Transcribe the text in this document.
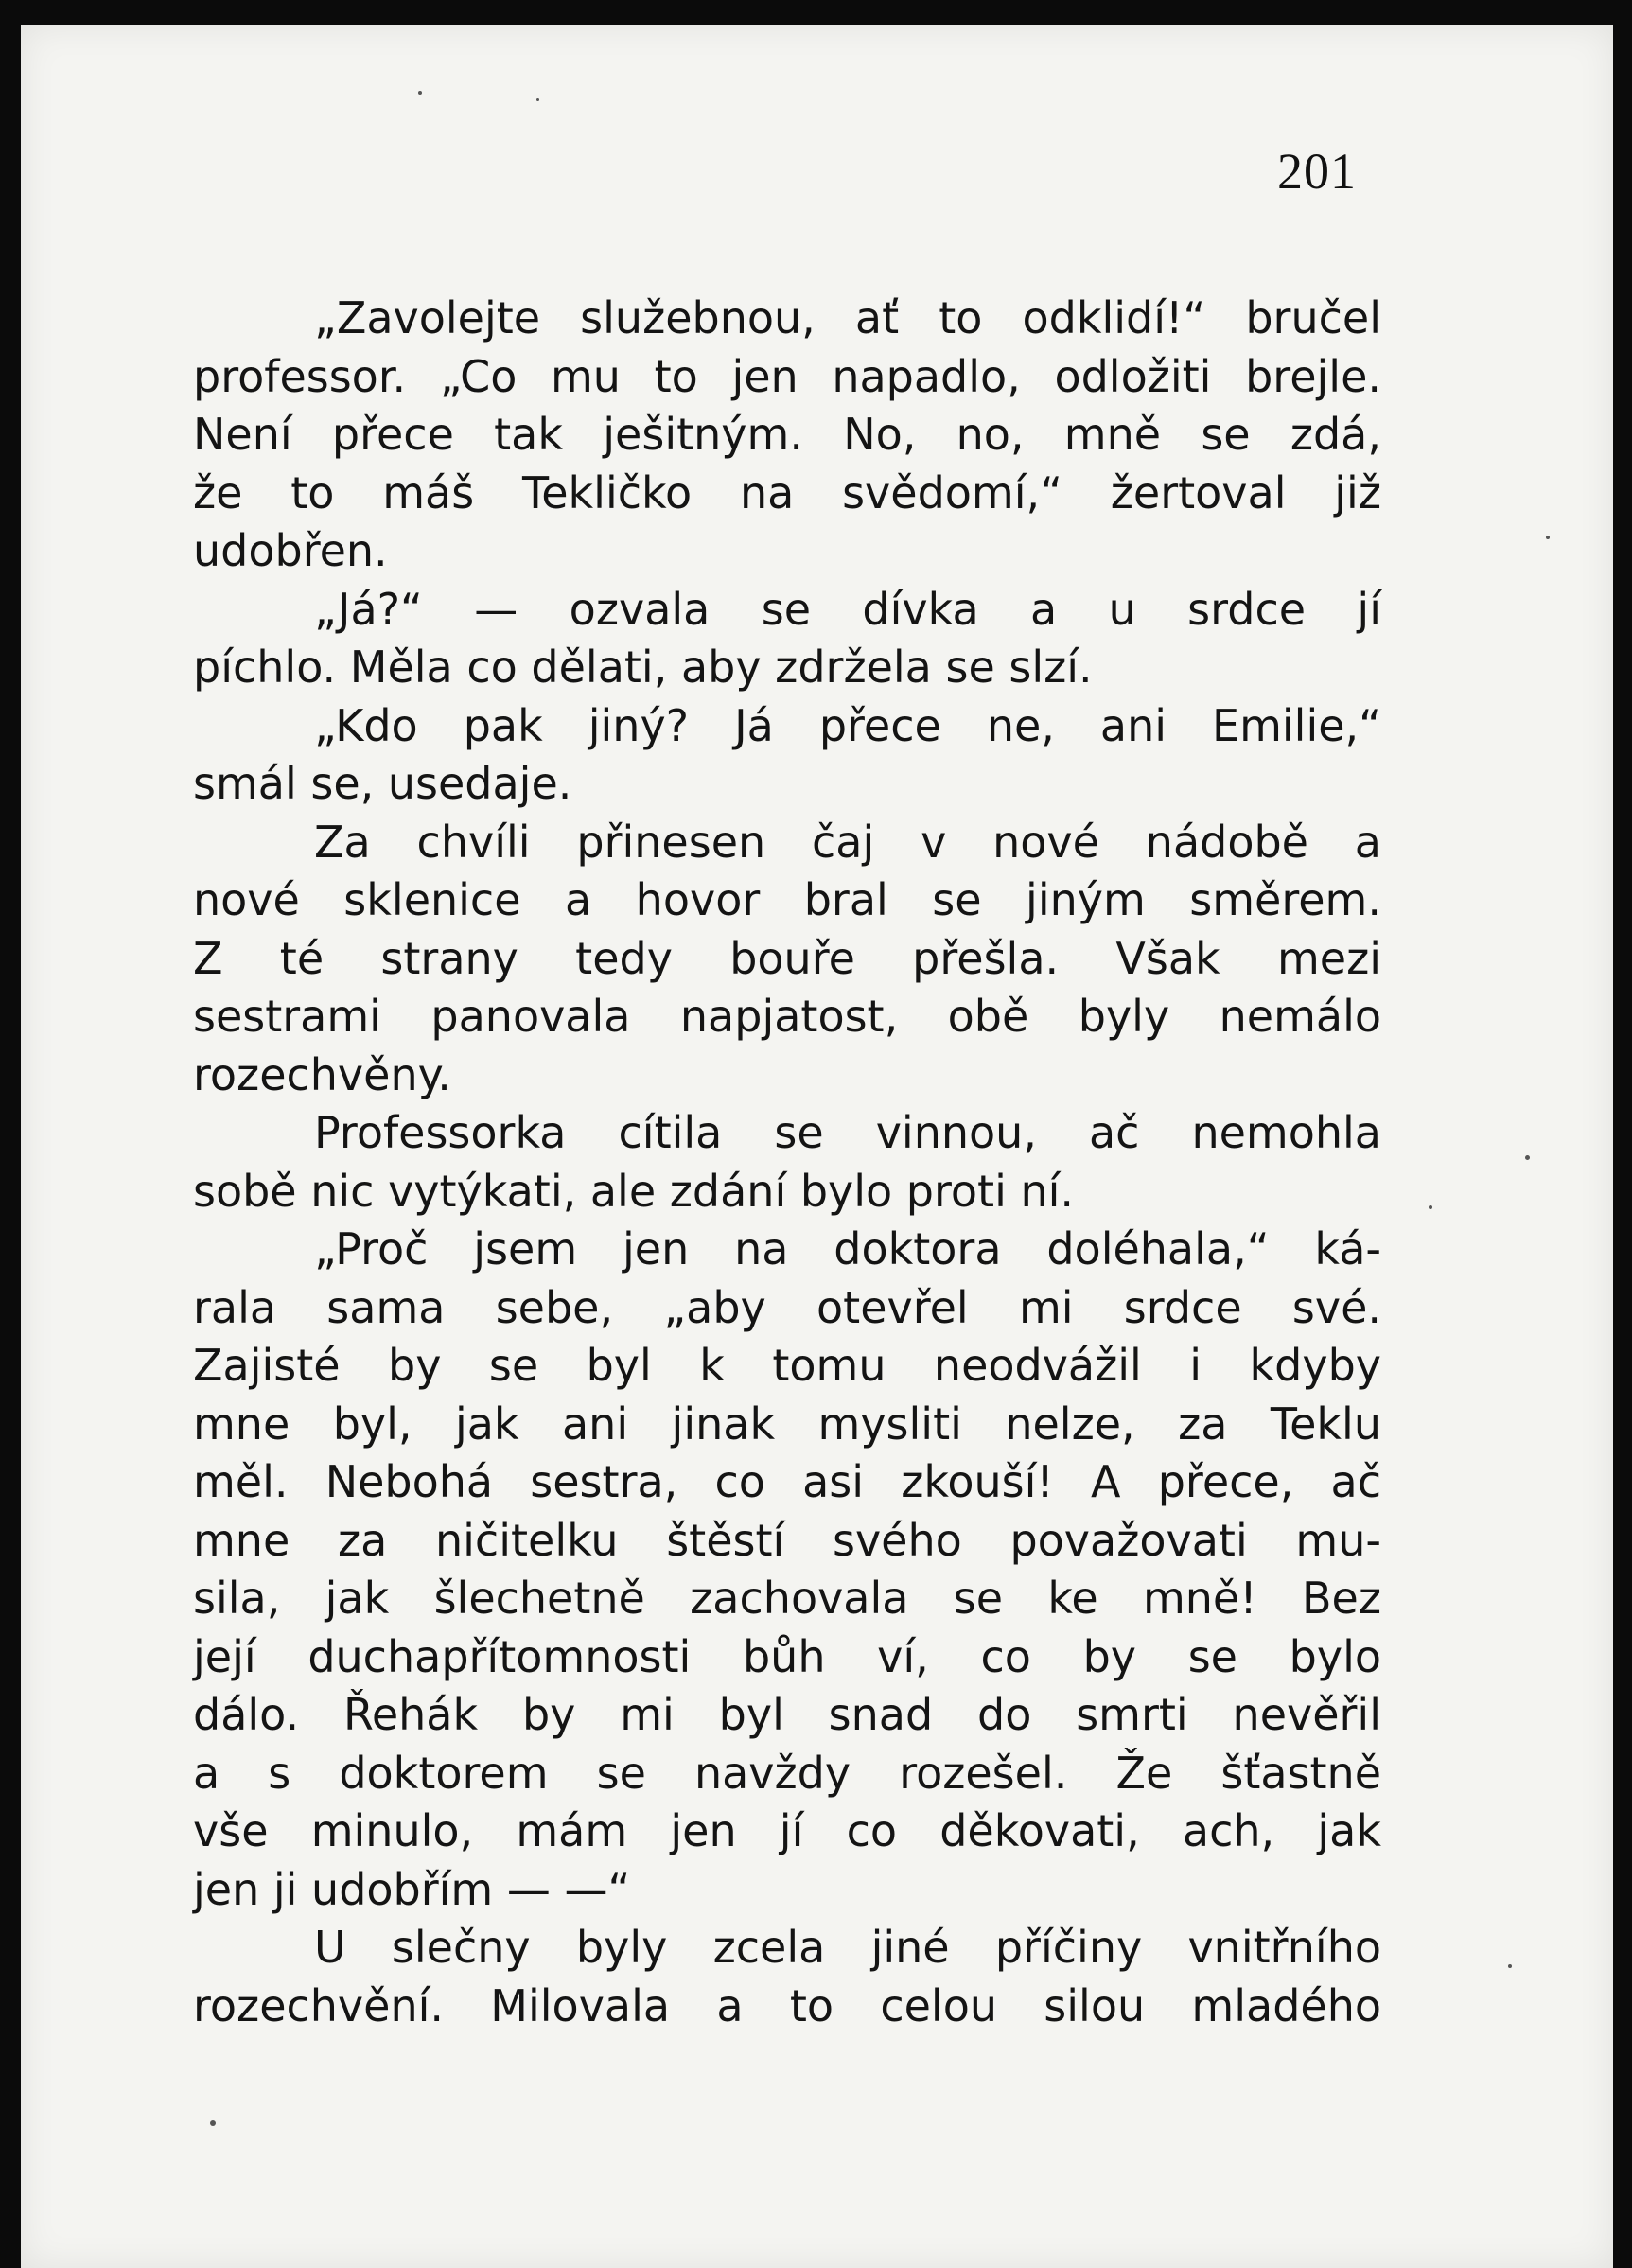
201
„Zavolejte služebnou, ať to odklidí!“ bručel
professor. „Co mu to jen napadlo, odložiti brejle.
Není přece tak ješitným. No, no, mně se zdá,
že to máš Tekličko na svědomí,“ žertoval již
udobřen.
„Já?“ — ozvala se dívka a u srdce jí
píchlo. Měla co dělati, aby zdržela se slzí.
„Kdo pak jiný? Já přece ne, ani Emilie,“
smál se, usedaje.
Za chvíli přinesen čaj v nové nádobě a
nové sklenice a hovor bral se jiným směrem.
Z té strany tedy bouře přešla. Však mezi
sestrami panovala napjatost, obě byly nemálo
rozechvěny.
Professorka cítila se vinnou, ač nemohla
sobě nic vytýkati, ale zdání bylo proti ní.
„Proč jsem jen na doktora doléhala,“ ká-
rala sama sebe, „aby otevřel mi srdce své.
Zajisté by se byl k tomu neodvážil i kdyby
mne byl, jak ani jinak mysliti nelze, za Teklu
měl. Nebohá sestra, co asi zkouší! A přece, ač
mne za ničitelku štěstí svého považovati mu-
sila, jak šlechetně zachovala se ke mně! Bez
její duchapřítomnosti bůh ví, co by se bylo
dálo. Řehák by mi byl snad do smrti nevěřil
a s doktorem se navždy rozešel. Že šťastně
vše minulo, mám jen jí co děkovati, ach, jak
jen ji udobřím — —“
U slečny byly zcela jiné příčiny vnitřního
rozechvění. Milovala a to celou silou mladého
